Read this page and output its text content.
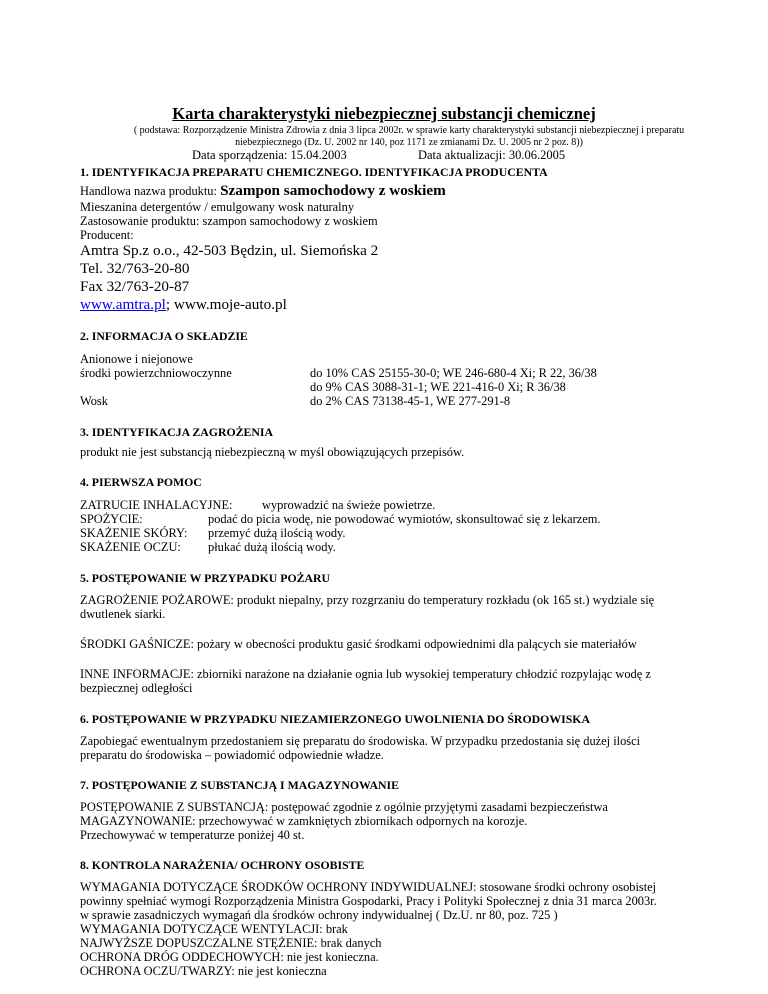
Karta charakterystyki niebezpiecznej substancji chemicznej
( podstawa: Rozporządzenie Ministra Zdrowia z dnia 3 lipca 2002r. w sprawie karty charakterystyki substancji niebezpiecznej i preparatu
niebezpiecznego (Dz. U. 2002 nr 140, poz 1171 ze zmianami Dz. U. 2005 nr 2 poz. 8))
Data sporządzenia: 15.04.2003	Data aktualizacji: 30.06.2005
1. IDENTYFIKACJA PREPARATU CHEMICZNEGO. IDENTYFIKACJA PRODUCENTA
Handlowa nazwa produktu: Szampon samochodowy z woskiem
Mieszanina detergentów / emulgowany wosk naturalny
Zastosowanie produktu: szampon samochodowy z woskiem
Producent:
Amtra Sp.z o.o., 42-503 Będzin, ul. Siemońska 2
Tel. 32/763-20-80
Fax 32/763-20-87
www.amtra.pl; www.moje-auto.pl
2. INFORMACJA O SKŁADZIE
Anionowe i niejonowe
środki powierzchniowoczynne	do 10% CAS 25155-30-0; WE 246-680-4 Xi; R 22, 36/38
do 9% CAS 3088-31-1; WE 221-416-0 Xi; R 36/38
Wosk	do 2% CAS 73138-45-1, WE 277-291-8
3. IDENTYFIKACJA ZAGROŻENIA
produkt nie jest substancją niebezpieczną w myśl obowiązujących przepisów.
4. PIERWSZA POMOC
ZATRUCIE INHALACYJNE: wyprowadzić na świeże powietrze.
SPOŻYCIE:	podać do picia wodę, nie powodować wymiotów, skonsultować się z lekarzem.
SKAŻENIE SKÓRY: przemyć dużą ilością wody.
SKAŻENIE OCZU: płukać dużą ilością wody.
5. POSTĘPOWANIE W PRZYPADKU POŻARU
ZAGROŻENIE POŻAROWE: produkt niepalny, przy rozgrzaniu do temperatury rozkładu (ok 165 st.) wydziale się
dwutlenek siarki.
ŚRODKI GAŚNICZE: pożary w obecności produktu gasić środkami odpowiednimi dla palących sie materiałów
INNE INFORMACJE: zbiorniki narażone na działanie ognia lub wysokiej temperatury chłodzić rozpylając wodę z
bezpiecznej odległości
6. POSTĘPOWANIE W PRZYPADKU NIEZAMIERZONEGO UWOLNIENIA DO ŚRODOWISKA
Zapobiegać ewentualnym przedostaniem się preparatu do środowiska. W przypadku przedostania się dużej ilości
preparatu do środowiska – powiadomić odpowiednie władze.
7. POSTĘPOWANIE Z SUBSTANCJĄ I MAGAZYNOWANIE
POSTĘPOWANIE Z SUBSTANCJĄ: postępować zgodnie z ogólnie przyjętymi zasadami bezpieczeństwa
MAGAZYNOWANIE: przechowywać w zamkniętych zbiornikach odpornych na korozje.
Przechowywać w temperaturze poniżej 40 st.
8. KONTROLA NARAŻENIA/ OCHRONY OSOBISTE
WYMAGANIA DOTYCZĄCE ŚRODKÓW OCHRONY INDYWIDUALNEJ: stosowane środki ochrony osobistej
powinny spełniać wymogi Rozporządzenia Ministra Gospodarki, Pracy i Polityki Społecznej z dnia 31 marca 2003r.
w sprawie zasadniczych wymagań dla środków ochrony indywidualnej ( Dz.U. nr 80, poz. 725 )
WYMAGANIA DOTYCZĄCE WENTYLACJI: brak
NAJWYŻSZE DOPUSZCZALNE STĘŻENIE: brak danych
OCHRONA DRÓG ODDECHOWYCH: nie jest konieczna.
OCHRONA OCZU/TWARZY: nie jest konieczna
